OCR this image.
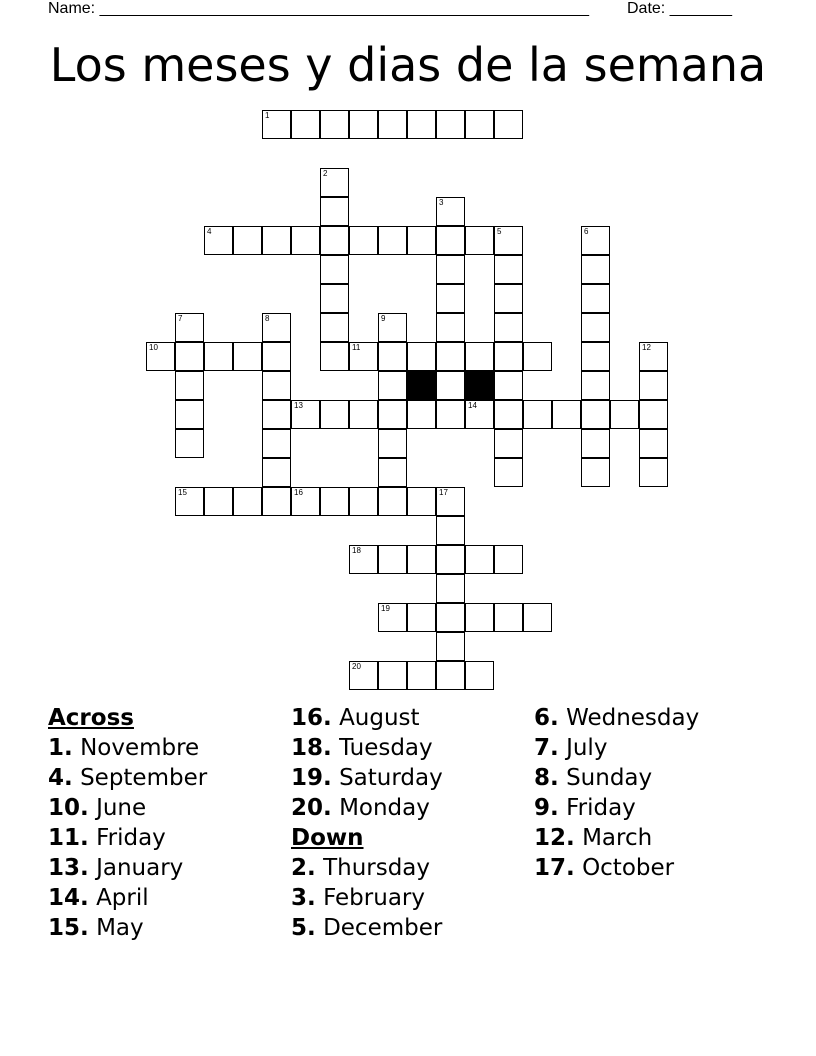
Name: _______________________________________________________ Date: _______
Los meses y dias de la semana
1
2
3
4	5	6
7	8	9
10	11	12
13	14
15	16	17
18
19
20
Across
1. Novembre
4. September
10. June
11. Friday
13. January
14. April
15. May
16. August
18. Tuesday
19. Saturday
20. Monday
Down
2. Thursday
3. February
5. December
6. Wednesday
7. July
8. Sunday
9. Friday
12. March
17. October
